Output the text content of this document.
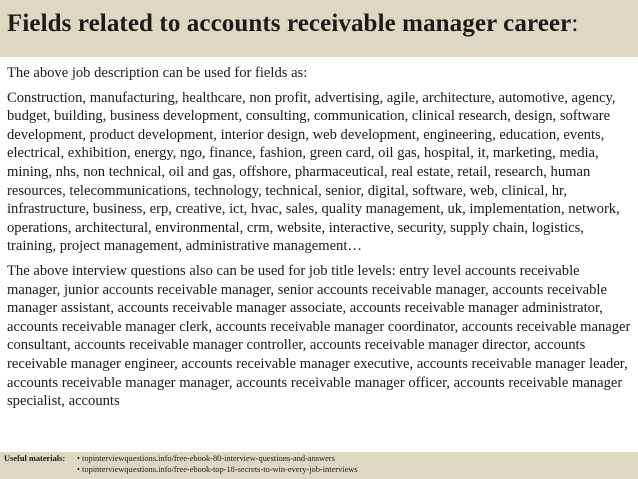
Fields related to accounts receivable manager career:

The above job description can be used for fields as:

Construction, manufacturing, healthcare, non profit, advertising, agile, architecture, automotive, agency, budget, building, business development, consulting, communication, clinical research, design, software development, product development, interior design, web development, engineering, education, events, electrical, exhibition, energy, ngo, finance, fashion, green card, oil gas, hospital, it, marketing, media, mining, nhs, non technical, oil and gas, offshore, pharmaceutical, real estate, retail, research, human resources, telecommunications, technology, technical, senior, digital, software, web, clinical, hr, infrastructure, business, erp, creative, ict, hvac, sales, quality management, uk, implementation, network, operations, architectural, environmental, crm, website, interactive, security, supply chain, logistics, training, project management, administrative management…

The above interview questions also can be used for job title levels: entry level accounts receivable manager, junior accounts receivable manager, senior accounts receivable manager, accounts receivable manager assistant, accounts receivable manager associate, accounts receivable manager administrator, accounts receivable manager clerk, accounts receivable manager coordinator, accounts receivable manager consultant, accounts receivable manager controller, accounts receivable manager director, accounts receivable manager engineer, accounts receivable manager executive, accounts receivable manager leader, accounts receivable manager manager, accounts receivable manager officer, accounts receivable manager specialist, accounts

Useful materials: • topinterviewquestions.info/free-ebook-80-interview-questions-and-answers
• topinterviewquestions.info/free-ebook-top-18-secrets-to-win-every-job-interviews
